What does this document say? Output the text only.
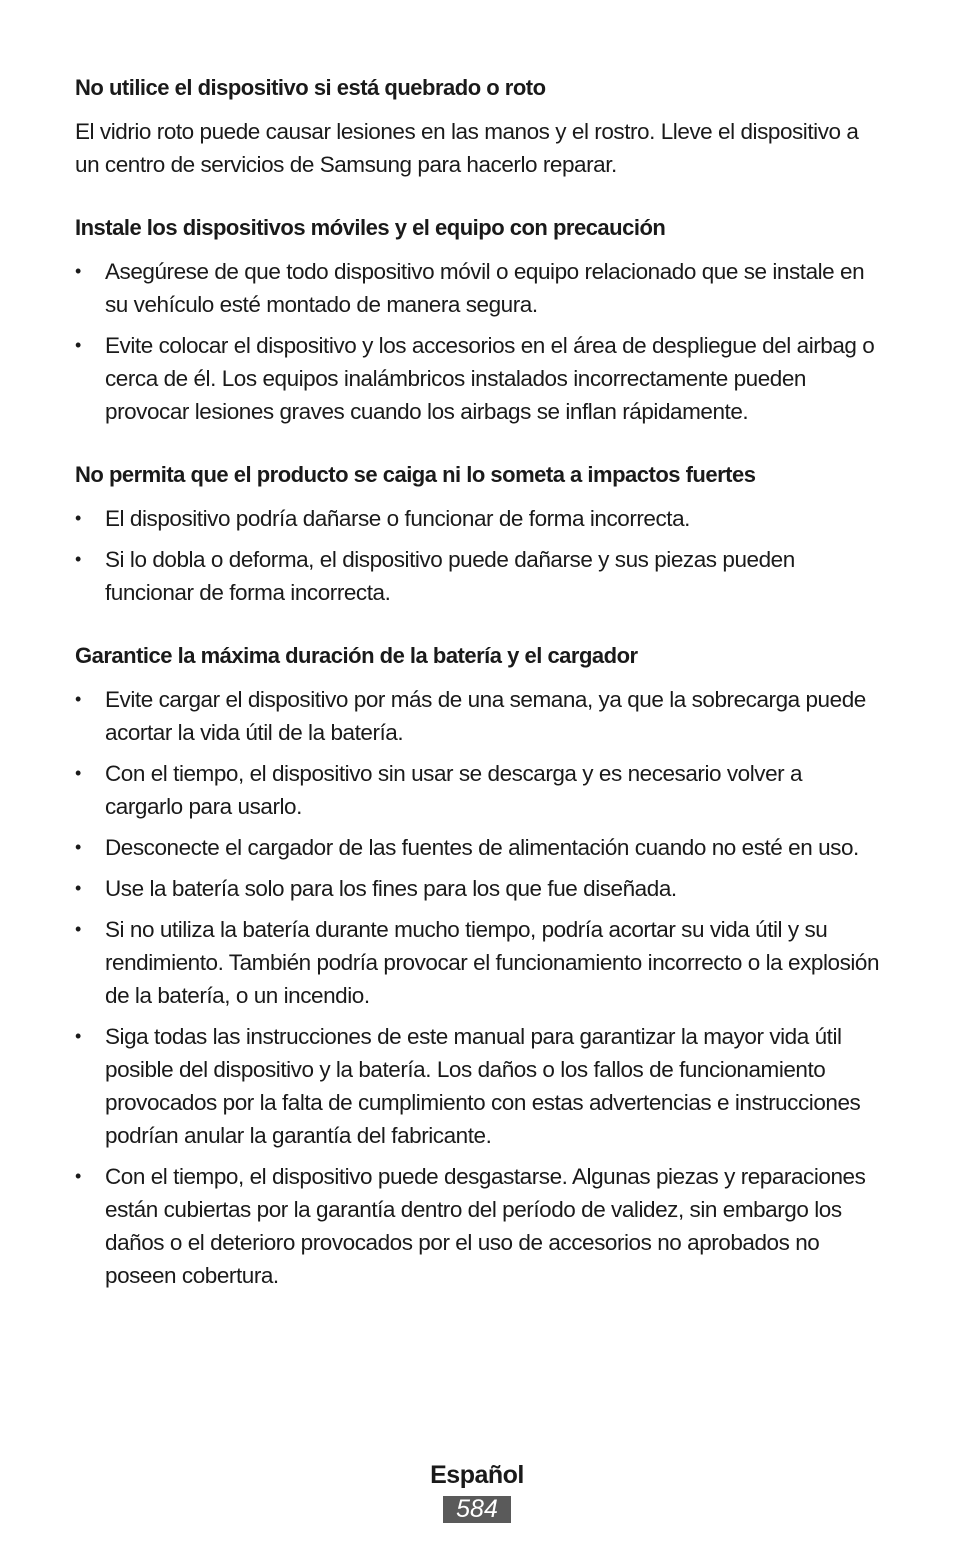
No utilice el dispositivo si está quebrado o roto

El vidrio roto puede causar lesiones en las manos y el rostro. Lleve el dispositivo a un centro de servicios de Samsung para hacerlo reparar.

Instale los dispositivos móviles y el equipo con precaución
•	Asegúrese de que todo dispositivo móvil o equipo relacionado que se instale en su vehículo esté montado de manera segura.
•	Evite colocar el dispositivo y los accesorios en el área de despliegue del airbag o cerca de él. Los equipos inalámbricos instalados incorrectamente pueden provocar lesiones graves cuando los airbags se inflan rápidamente.
No permita que el producto se caiga ni lo someta a impactos fuertes
•	El dispositivo podría dañarse o funcionar de forma incorrecta.
•	Si lo dobla o deforma, el dispositivo puede dañarse y sus piezas pueden funcionar de forma incorrecta.
Garantice la máxima duración de la batería y el cargador
•	Evite cargar el dispositivo por más de una semana, ya que la sobrecarga puede acortar la vida útil de la batería.
•	Con el tiempo, el dispositivo sin usar se descarga y es necesario volver a cargarlo para usarlo.
•	Desconecte el cargador de las fuentes de alimentación cuando no esté en uso.
•	Use la batería solo para los fines para los que fue diseñada.
•	Si no utiliza la batería durante mucho tiempo, podría acortar su vida útil y su rendimiento. También podría provocar el funcionamiento incorrecto o la explosión de la batería, o un incendio.
•	Siga todas las instrucciones de este manual para garantizar la mayor vida útil posible del dispositivo y la batería. Los daños o los fallos de funcionamiento provocados por la falta de cumplimiento con estas advertencias e instrucciones podrían anular la garantía del fabricante.
•	Con el tiempo, el dispositivo puede desgastarse. Algunas piezas y reparaciones están cubiertas por la garantía dentro del período de validez, sin embargo los daños o el deterioro provocados por el uso de accesorios no aprobados no poseen cobertura.
Español
584
